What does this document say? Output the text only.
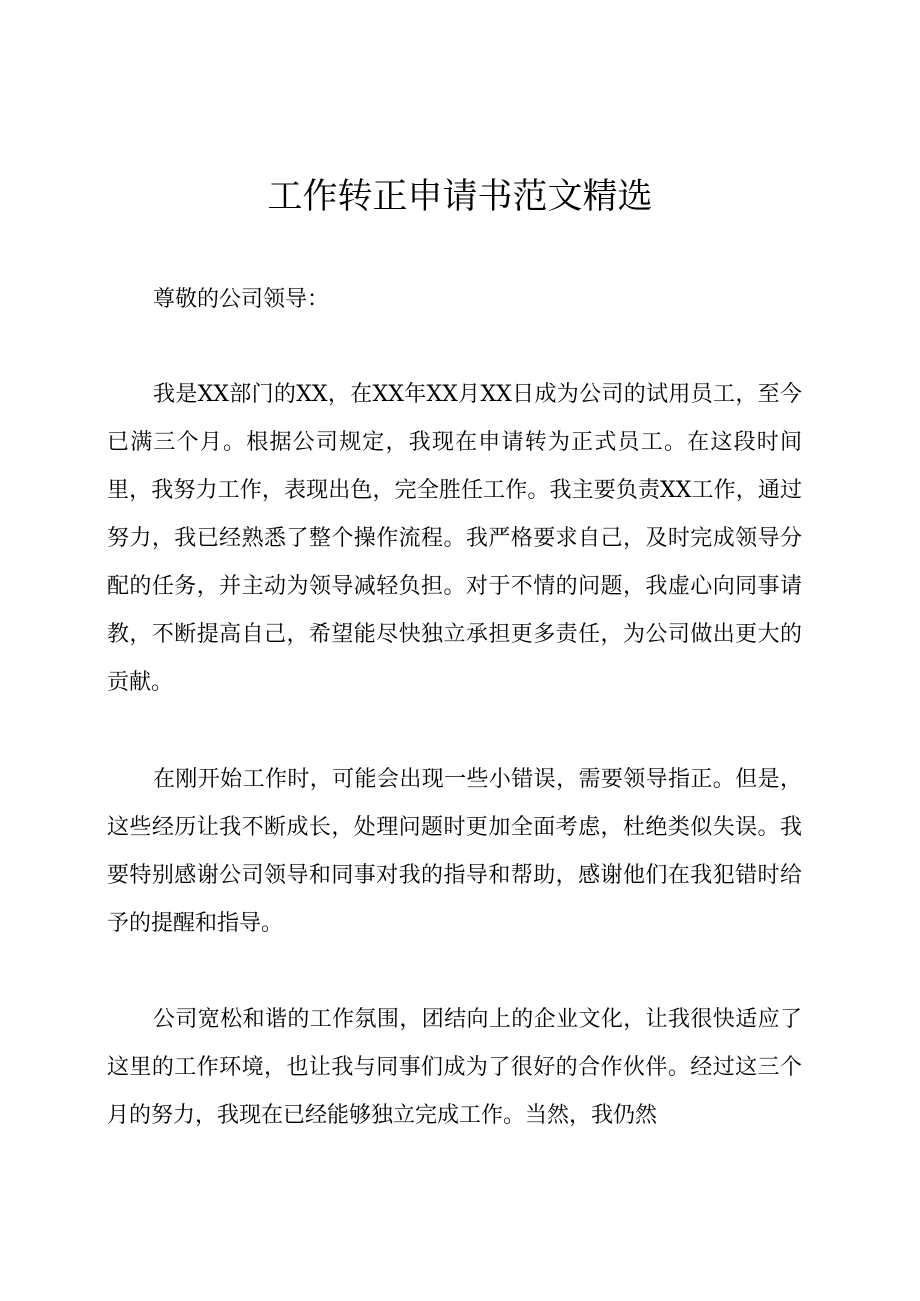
工作转正申请书范文精选

尊敬的公司领导：

我是XX部门的XX，在XX年XX月XX日成为公司的试用员工，至今已满三个月。根据公司规定，我现在申请转为正式员工。在这段时间里，我努力工作，表现出色，完全胜任工作。我主要负责XX工作，通过努力，我已经熟悉了整个操作流程。我严格要求自己，及时完成领导分配的任务，并主动为领导减轻负担。对于不情的问题，我虚心向同事请教，不断提高自己，希望能尽快独立承担更多责任，为公司做出更大的贡献。

在刚开始工作时，可能会出现一些小错误，需要领导指正。但是，这些经历让我不断成长，处理问题时更加全面考虑，杜绝类似失误。我要特别感谢公司领导和同事对我的指导和帮助，感谢他们在我犯错时给予的提醒和指导。

公司宽松和谐的工作氛围，团结向上的企业文化，让我很快适应了这里的工作环境，也让我与同事们成为了很好的合作伙伴。经过这三个月的努力，我现在已经能够独立完成工作。当然，我仍然
